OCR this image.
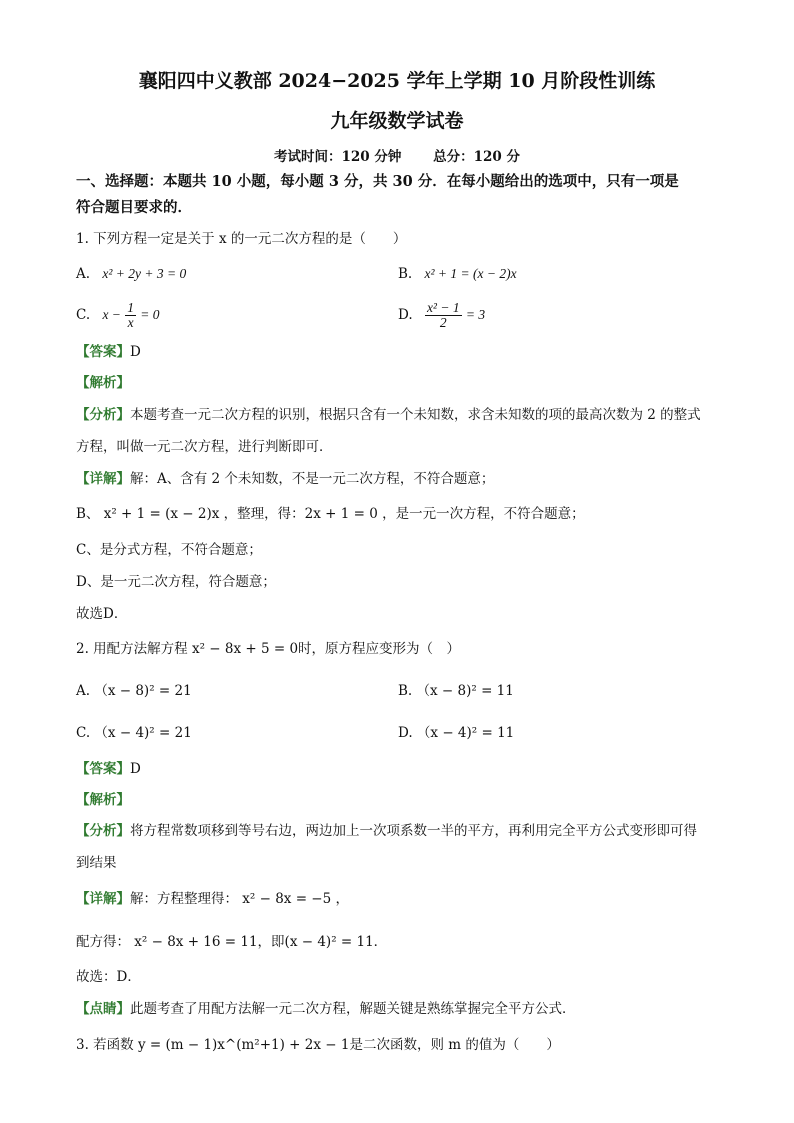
襄阳四中义教部 2024−2025 学年上学期 10 月阶段性训练
九年级数学试卷
考试时间：120 分钟　　 总分：120 分
一、选择题：本题共 10 小题，每小题 3 分，共 30 分．在每小题给出的选项中，只有一项是
符合题目要求的．
1. 下列方程一定是关于 x 的一元二次方程的是（　　）
A. x² + 2y + 3 = 0	B. x² + 1 = (x − 2)x
C. $x - \frac{1}{x} = 0$	D. $\frac{\text{x² − 1}}{2} = 3$
【答案】D
【解析】
【分析】本题考查一元二次方程的识别，根据只含有一个未知数，求含未知数的项的最高次数为 2 的整式
方程，叫做一元二次方程，进行判断即可．
【详解】解：A、含有 2 个未知数，不是一元二次方程，不符合题意；
B、 x² + 1 = (x − 2)x ，整理，得：2x + 1 = 0 ，是一元一次方程，不符合题意；
C、是分式方程，不符合题意；
D、是一元二次方程，符合题意；
故选D．
2. 用配方法解方程 x² − 8x + 5 = 0时，原方程应变形为（　）
A. （x − 8)² = 21	B. （x − 8)² = 11
C. （x − 4)² = 21	D. （x − 4)² = 11
【答案】D
【解析】
【分析】将方程常数项移到等号右边，两边加上一次项系数一半的平方，再利用完全平方公式变形即可得
到结果
【详解】解：方程整理得： x² − 8x = −5 ，
配方得： x² − 8x + 16 = 11，即(x − 4)² = 11．
故选：D．
【点睛】此题考查了用配方法解一元二次方程，解题关键是熟练掌握完全平方公式．
3. 若函数 y = (m − 1)x^(m²+1) + 2x − 1是二次函数，则 m 的值为（　　）
